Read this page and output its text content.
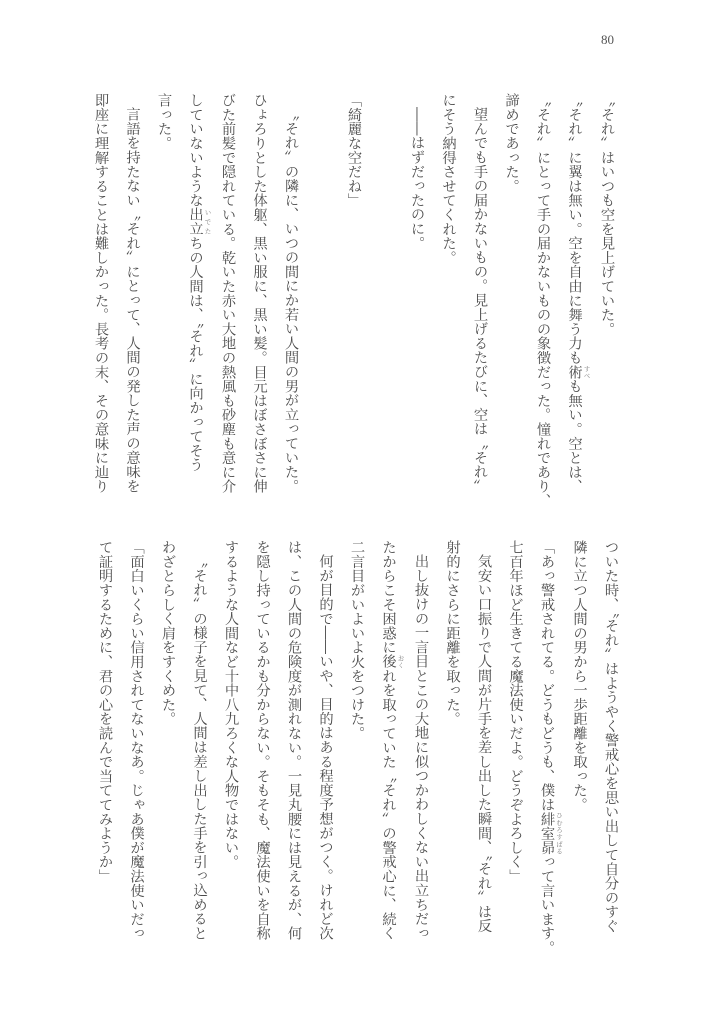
80
〝それ〟はいつも空を見上げていた。
〝それ〟に翼は無い。空を自由に舞う力も術 すべも無い。空とは、
〝それ〟にとって手の届かないものの象徴だった。憧れであり、
諦めであった。
望んでも手の届かないもの。見上げるたびに、空は〝それ〟
にそう納得させてくれた。
――はずだったのに。
「綺麗な空だね」
〝それ〟の隣に、いつの間にか若い人間の男が立っていた。
ひょろりとした体躯、黒い服に、黒い髪。目元はぼさぼさに伸
びた前髪で隠れている。乾いた赤い大地の熱風も砂塵も意に介
していないような出立 いでたちの人間は、〝それ〟に向かってそう
言った。
言語を持たない〝それ〟にとって、人間の発した声の意味を
即座に理解することは難しかった。長考の末、その意味に辿り
ついた時、〝それ〟はようやく警戒心を思い出して自分のすぐ
隣に立つ人間の男から一歩距離を取った。
「あっ警戒されてる。どうもどうも、僕は緋室昴 ひむろすばるって言います。
七百年ほど生きてる魔法使いだよ。どうぞよろしく」
気安い口振りで人間が片手を差し出した瞬間、〝それ〟は反
射的にさらに距離を取った。
出し抜けの一言目とこの大地に似つかわしくない出立ちだっ
たからこそ困惑に後 おくれを取っていた〝それ〟の警戒心に、続く
二言目がいよいよ火をつけた。
何が目的で――いや、目的はある程度予想がつく。けれど次
は、この人間の危険度が測れない。一見丸腰には見えるが、何
を隠し持っているかも分からない。そもそも、魔法使いを自称
するような人間など十中八九ろくな人物ではない。
〝それ〟の様子を見て、人間は差し出した手を引っ込めると
わざとらしく肩をすくめた。
「面白いくらい信用されてないなあ。じゃあ僕が魔法使いだっ
て証明するために、君の心を読んで当ててみようか」
